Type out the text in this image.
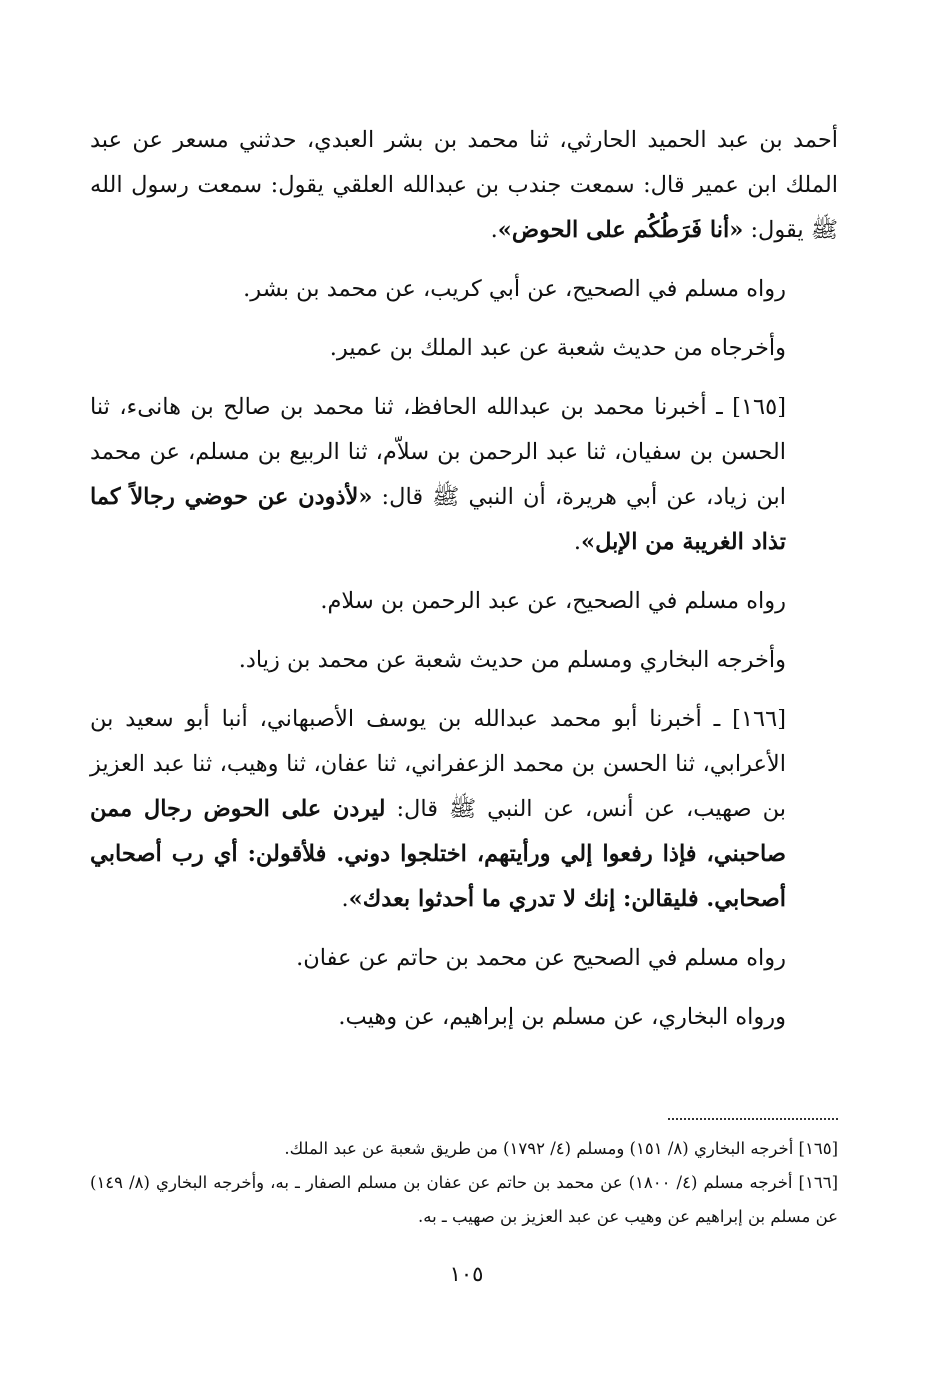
أحمد بن عبد الحميد الحارثي، ثنا محمد بن بشر العبدي، حدثني مسعر عن عبد الملك ابن عمير قال: سمعت جندب بن عبدالله العلقي يقول: سمعت رسول الله ﷺ يقول: «أنا فَرَطُكُم على الحوض».

رواه مسلم في الصحيح، عن أبي كريب، عن محمد بن بشر.

وأخرجاه من حديث شعبة عن عبد الملك بن عمير.

[١٦٥] ـ أخبرنا محمد بن عبدالله الحافظ، ثنا محمد بن صالح بن هانىء، ثنا الحسن بن سفيان، ثنا عبد الرحمن بن سلاّم، ثنا الربيع بن مسلم، عن محمد ابن زياد، عن أبي هريرة، أن النبي ﷺ قال: «لأذودن عن حوضي رجالاً كما تذاد الغريبة من الإبل».

رواه مسلم في الصحيح، عن عبد الرحمن بن سلام.

وأخرجه البخاري ومسلم من حديث شعبة عن محمد بن زياد.

[١٦٦] ـ أخبرنا أبو محمد عبدالله بن يوسف الأصبهاني، أنبا أبو سعيد بن الأعرابي، ثنا الحسن بن محمد الزعفراني، ثنا عفان، ثنا وهيب، ثنا عبد العزيز بن صهيب، عن أنس، عن النبي ﷺ قال: ليردن على الحوض رجال ممن صاحبني، فإذا رفعوا إلي ورأيتهم، اختلجوا دوني. فلأقولن: أي رب أصحابي أصحابي. فليقالن: إنك لا تدري ما أحدثوا بعدك».

رواه مسلم في الصحيح عن محمد بن حاتم عن عفان.

ورواه البخاري، عن مسلم بن إبراهيم، عن وهيب.

[١٦٥] أخرجه البخاري (٨/ ١٥١) ومسلم (٤/ ١٧٩٢) من طريق شعبة عن عبد الملك.

[١٦٦] أخرجه مسلم (٤/ ١٨٠٠) عن محمد بن حاتم عن عفان بن مسلم الصفار ـ به، وأخرجه البخاري (٨/ ١٤٩) عن مسلم بن إبراهيم عن وهيب عن عبد العزيز بن صهيب ـ به.

١٠٥
